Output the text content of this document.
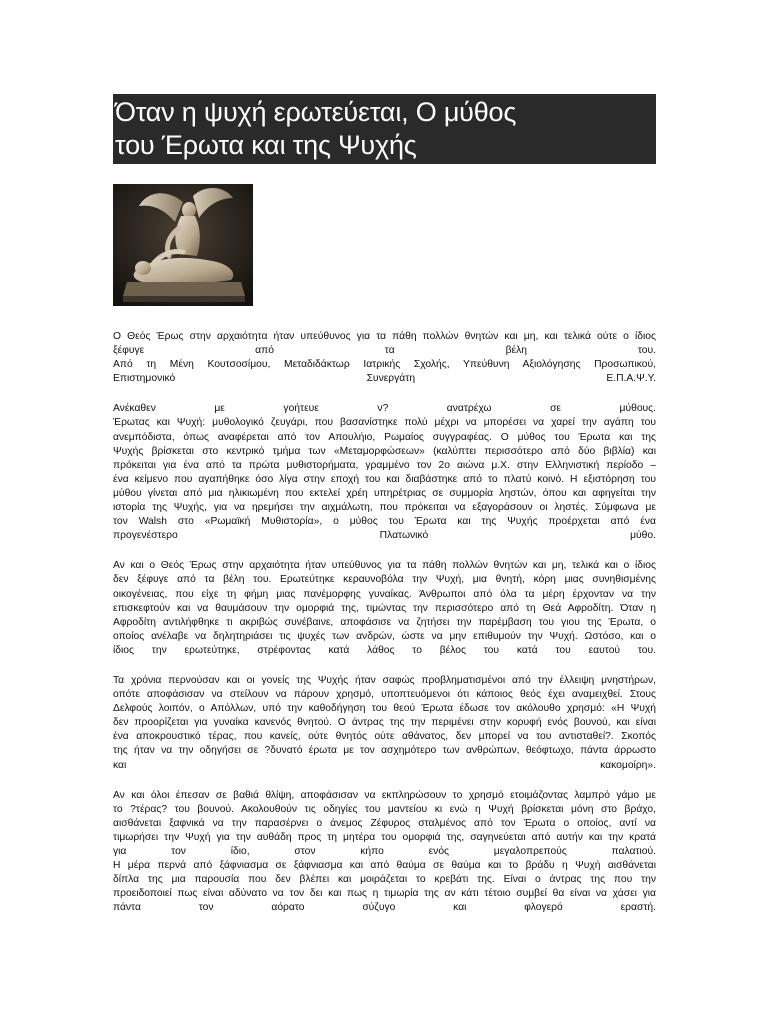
Όταν η ψυχή ερωτεύεται, Ο μύθος
του Έρωτα και της Ψυχής
Ο Θεός Έρως στην αρχαιότητα ήταν υπεύθυνος για τα πάθη πολλών θνητών και μη, και τελικά ούτε ο ίδιος
ξέφυγε από τα βέλη του.
Από τη Μένη Κουτσοσίμου, Μεταδιδάκτωρ Ιατρικής Σχολής, Υπεύθυνη Αξιολόγησης Προσωπικού,
Επιστημονικό Συνεργάτη Ε.Π.Α.Ψ.Υ.
Ανέκαθεν με γοήτευε ν? ανατρέχω σε μύθους.
Έρωτας και Ψυχή: μυθολογικό ζευγάρι, που βασανίστηκε πολύ μέχρι να μπορέσει να χαρεί την αγάπη του
ανεμπόδιστα, όπως αναφέρεται από τον Απουλήιο, Ρωμαίος συγγραφέας. Ο μύθος του Έρωτα και της
Ψυχής βρίσκεται στο κεντρικό τμήμα των «Μεταμορφώσεων» (καλύπτει περισσότερο από δύο βιβλία) και
πρόκειται για ένα από τα πρώτα μυθιστορήματα, γραμμένο τον 2ο αιώνα μ.Χ. στην Ελληνιστική περίοδο –
ένα κείμενο που αγαπήθηκε όσο λίγα στην εποχή του και διαβάστηκε από το πλατύ κοινό. Η εξιστόρηση του
μύθου γίνεται από μια ηλικιωμένη που εκτελεί χρέη υπηρέτριας σε συμμορία ληστών, όπου και αφηγείται την
ιστορία της Ψυχής, για να ηρεμήσει την αιχμάλωτη, που πρόκειται να εξαγοράσουν οι ληστές. Σύμφωνα με
τον Walsh στο «Ρωμαϊκή Μυθιστορία», ο μύθος του Έρωτα και της Ψυχής προέρχεται από ένα
προγενέστερο Πλατωνικό μύθο.
Αν και ο Θεός Έρως στην αρχαιότητα ήταν υπεύθυνος για τα πάθη πολλών θνητών και μη, τελικά και ο ίδιος
δεν ξέφυγε από τα βέλη του. Ερωτεύτηκε κεραυνοβόλα την Ψυχή, μια θνητή, κόρη μιας συνηθισμένης
οικογένειας, που είχε τη φήμη μιας πανέμορφης γυναίκας. Άνθρωποι από όλα τα μέρη έρχονταν να την
επισκεφτούν και να θαυμάσουν την ομορφιά της, τιμώντας την περισσότερο από τη Θεά Αφροδίτη. Όταν η
Αφροδίτη αντιλήφθηκε τι ακριβώς συνέβαινε, αποφάσισε να ζητήσει την παρέμβαση του γιου της Έρωτα, ο
οποίος ανέλαβε να δηλητηριάσει τις ψυχές των ανδρών, ώστε να μην επιθυμούν την Ψυχή. Ωστόσο, και ο
ίδιος την ερωτεύτηκε, στρέφοντας κατά λάθος το βέλος του κατά του εαυτού του.
Τα χρόνια περνούσαν και οι γονείς της Ψυχής ήταν σαφώς προβληματισμένοι από την έλλειψη μνηστήρων,
οπότε αποφάσισαν να στείλουν να πάρουν χρησμό, υποπτευόμενοι ότι κάποιος θεός έχει αναμειχθεί. Στους
Δελφούς λοιπόν, ο Απόλλων, υπό την καθοδήγηση του θεού Έρωτα έδωσε τον ακόλουθο χρησμό: «Η Ψυχή
δεν προορίζεται για γυναίκα κανενός θνητού. Ο άντρας της την περιμένει στην κορυφή ενός βουνού, και είναι
ένα αποκρουστικό τέρας, που κανείς, ούτε θνητός ούτε αθάνατος, δεν μπορεί να του αντισταθεί?. Σκοπός
της ήταν να την οδηγήσει σε ?δυνατό έρωτα με τον ασχημότερο των ανθρώπων, θεόφτωχο, πάντα άρρωστο
και κακομοίρη».
Αν και όλοι έπεσαν σε βαθιά θλίψη, αποφάσισαν να εκπληρώσουν το χρησμό ετοιμάζοντας λαμπρό γάμο με
το ?τέρας? του βουνού. Ακολουθούν τις οδηγίες του μαντείου κι ενώ η Ψυχή βρίσκεται μόνη στο βράχο,
αισθάνεται ξαφνικά να την παρασέρνει ο άνεμος Ζέφυρος σταλμένος από τον Έρωτα ο οποίος, αντί να
τιμωρήσει την Ψυχή για την αυθάδη προς τη μητέρα του ομορφιά της, σαγηνεύεται από αυτήν και την κρατά
για τον ίδιο, στον κήπο ενός μεγαλοπρεπούς παλατιού.
Η μέρα περνά από ξάφνιασμα σε ξάφνιασμα και από θαύμα σε θαύμα και το βράδυ η Ψυχή αισθάνεται
δίπλα της μια παρουσία που δεν βλέπει και μοιράζεται το κρεβάτι της. Είναι ο άντρας της που την
προειδοποιεί πως είναι αδύνατο να τον δει και πως η τιμωρία της αν κάτι τέτοιο συμβεί θα είναι να χάσει για
πάντα τον αόρατο σύζυγο και φλογερό εραστή.
